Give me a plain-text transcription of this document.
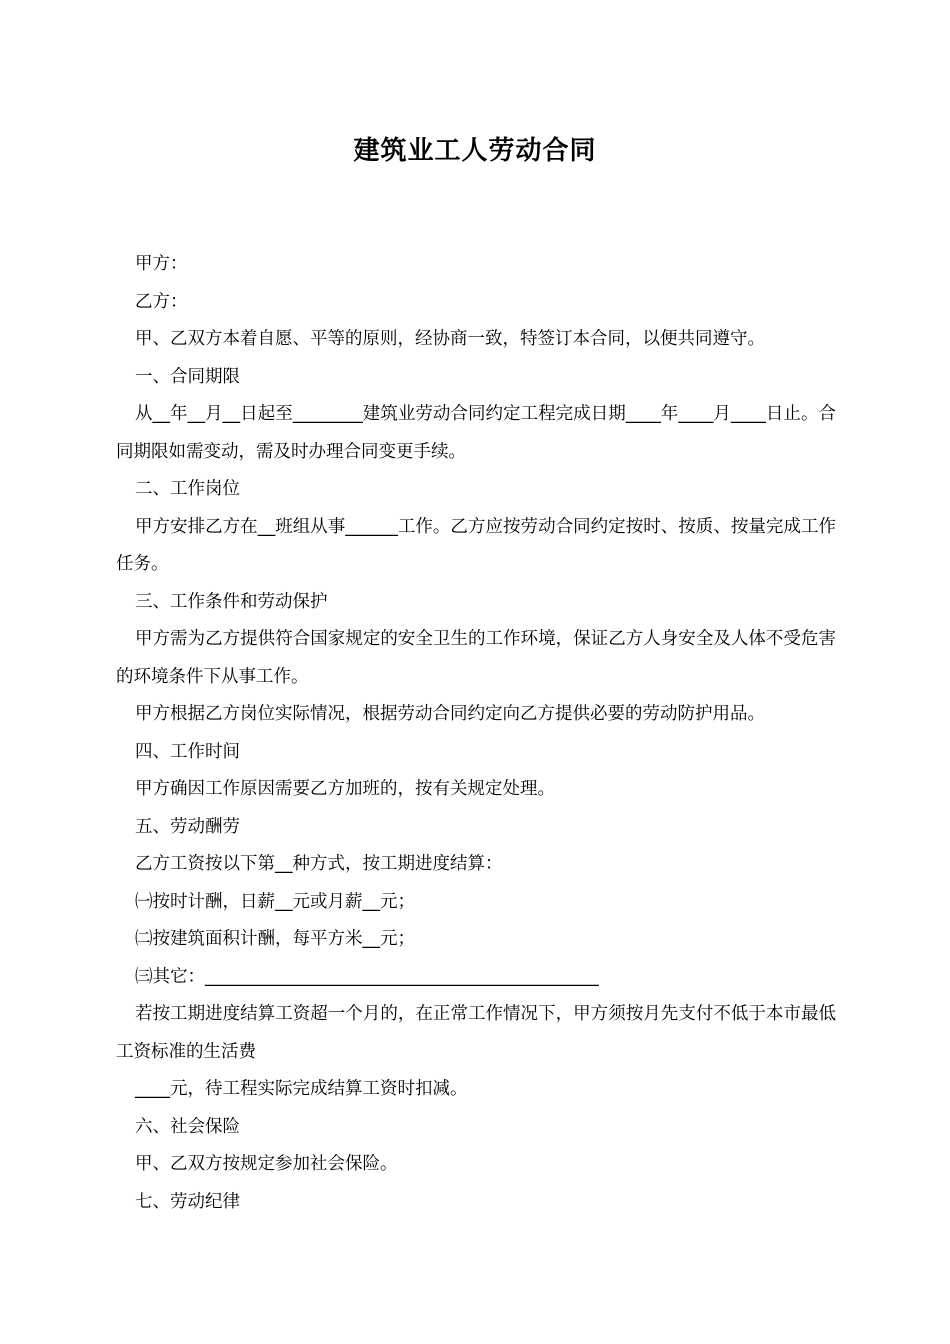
建筑业工人劳动合同

甲方：

乙方：

甲、乙双方本着自愿、平等的原则，经协商一致，特签订本合同，以便共同遵守。

一、合同期限

从__年__月__日起至________建筑业劳动合同约定工程完成日期____年____月____日止。合同期限如需变动，需及时办理合同变更手续。

二、工作岗位

甲方安排乙方在__班组从事______工作。乙方应按劳动合同约定按时、按质、按量完成工作任务。

三、工作条件和劳动保护

甲方需为乙方提供符合国家规定的安全卫生的工作环境，保证乙方人身安全及人体不受危害的环境条件下从事工作。

甲方根据乙方岗位实际情况，根据劳动合同约定向乙方提供必要的劳动防护用品。

四、工作时间

甲方确因工作原因需要乙方加班的，按有关规定处理。

五、劳动酬劳

乙方工资按以下第__种方式，按工期进度结算：

㈠按时计酬，日薪__元或月薪__元；

㈡按建筑面积计酬，每平方米__元；

㈢其它：_____________________________________________

若按工期进度结算工资超一个月的，在正常工作情况下，甲方须按月先支付不低于本市最低工资标准的生活费

____元，待工程实际完成结算工资时扣减。

六、社会保险

甲、乙双方按规定参加社会保险。

七、劳动纪律
